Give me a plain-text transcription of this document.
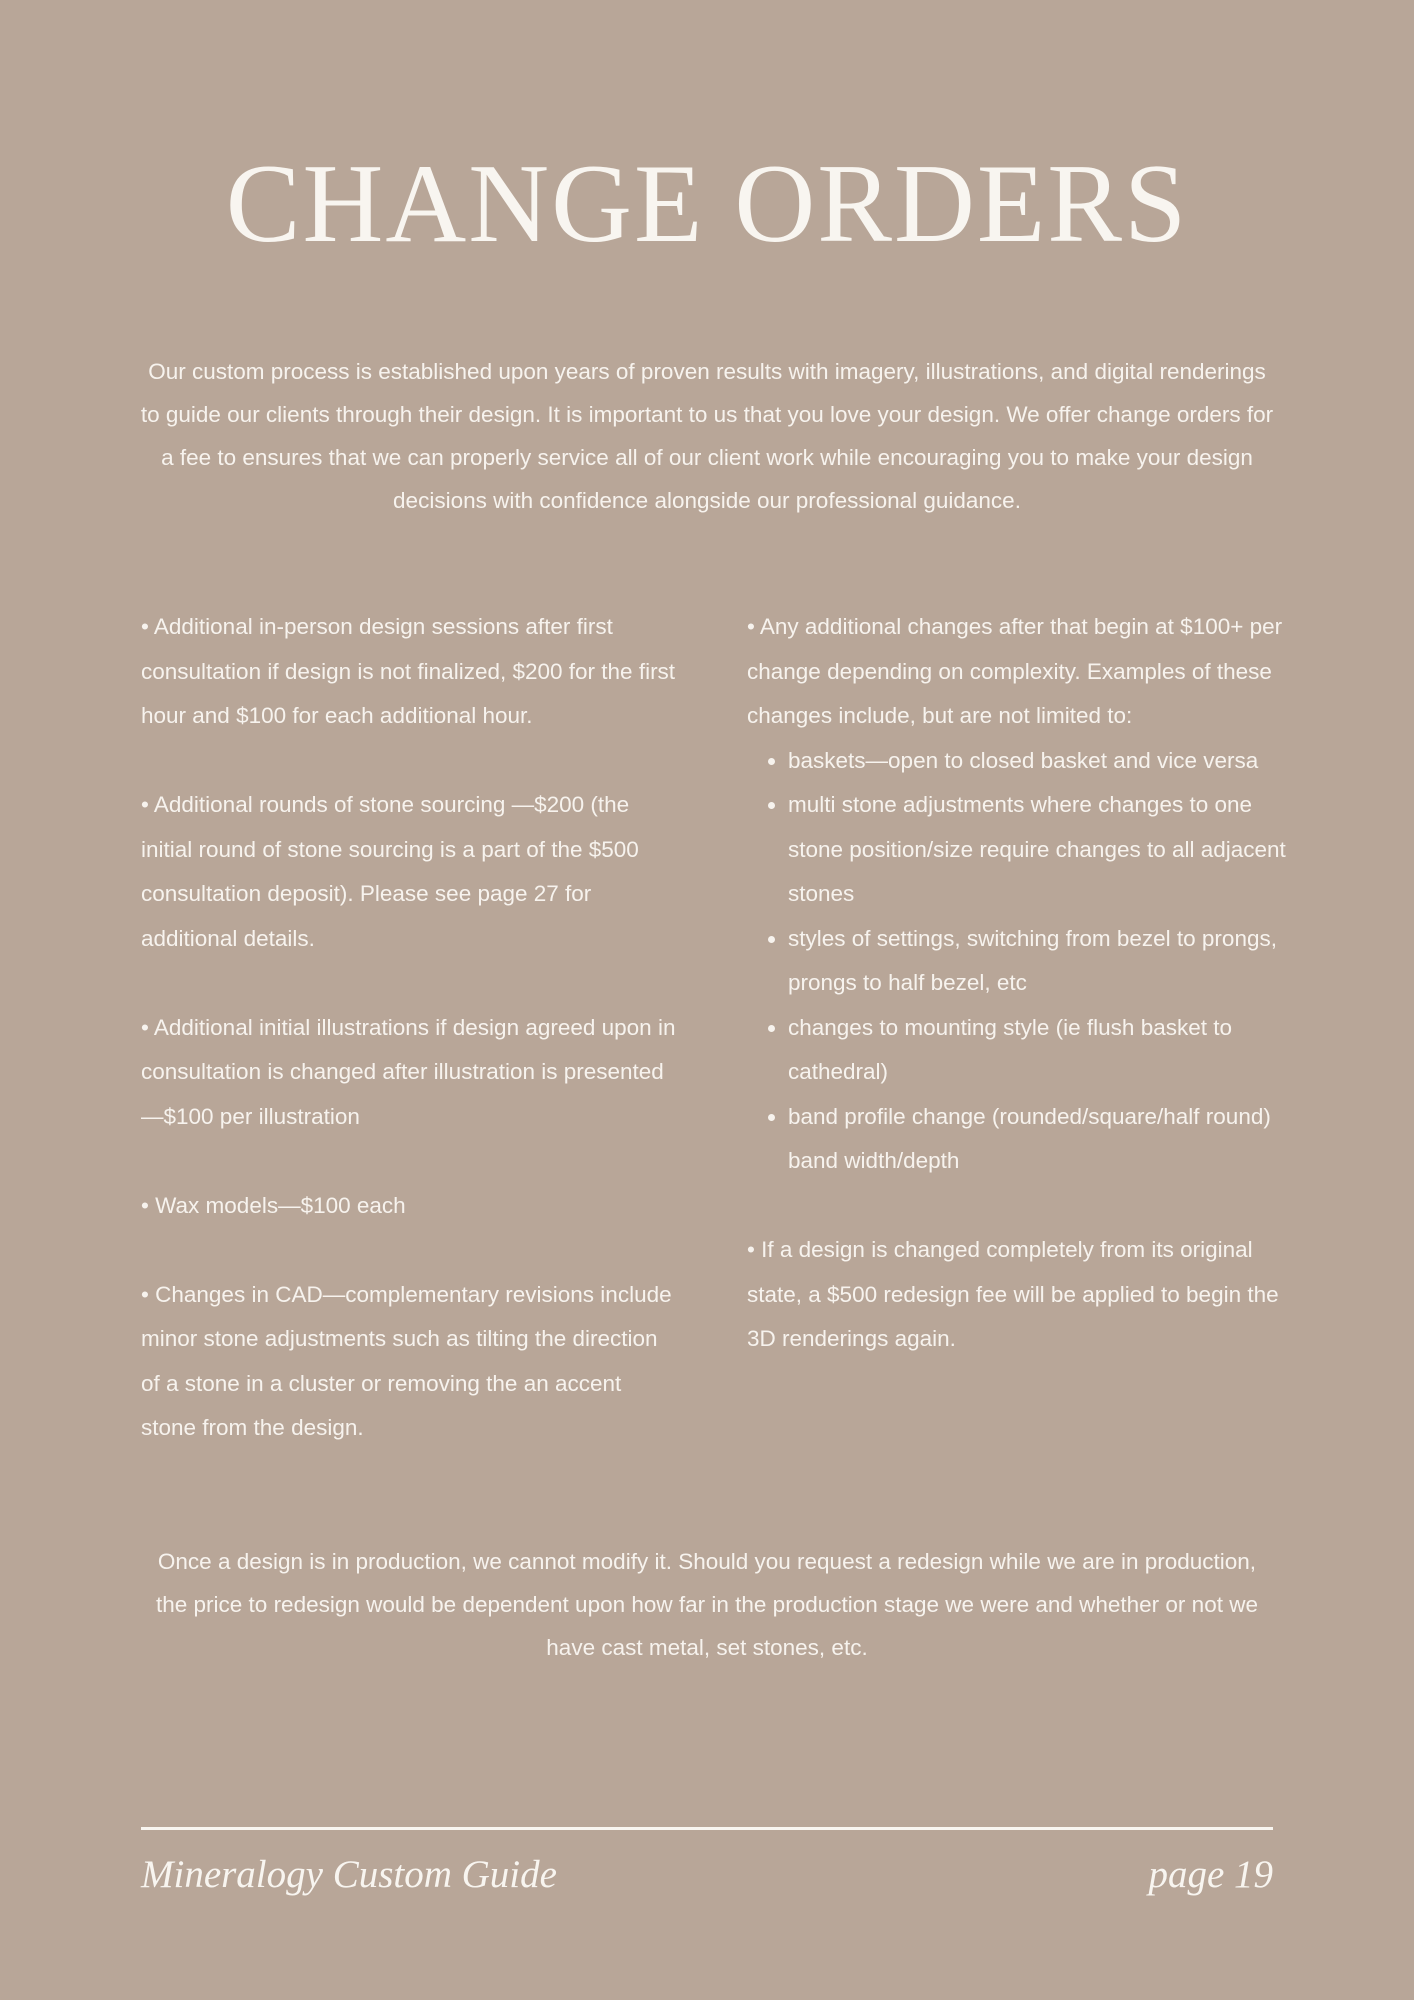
CHANGE ORDERS

Our custom process is established upon years of proven results with imagery, illustrations, and digital renderings to guide our clients through their design. It is important to us that you love your design. We offer change orders for a fee to ensures that we can properly service all of our client work while encouraging you to make your design decisions with confidence alongside our professional guidance.

• Additional in-person design sessions after first consultation if design is not finalized, $200 for the first hour and $100 for each additional hour.

• Additional rounds of stone sourcing —$200 (the initial round of stone sourcing is a part of the $500 consultation deposit). Please see page 27 for additional details.

• Additional initial illustrations if design agreed upon in consultation is changed after illustration is presented —$100 per illustration

• Wax models—$100 each

• Changes in CAD—complementary revisions include minor stone adjustments such as tilting the direction of a stone in a cluster or removing the an accent stone from the design.

• Any additional changes after that begin at $100+ per change depending on complexity. Examples of these changes include, but are not limited to:

• baskets—open to closed basket and vice versa
• multi stone adjustments where changes to one stone position/size require changes to all adjacent stones
• styles of settings, switching from bezel to prongs, prongs to half bezel, etc
• changes to mounting style (ie flush basket to cathedral)
• band profile change (rounded/square/half round) band width/depth

• If a design is changed completely from its original state, a $500 redesign fee will be applied to begin the 3D renderings again.

Once a design is in production, we cannot modify it. Should you request a redesign while we are in production, the price to redesign would be dependent upon how far in the production stage we were and whether or not we have cast metal, set stones, etc.

Mineralogy Custom Guide	page 19
